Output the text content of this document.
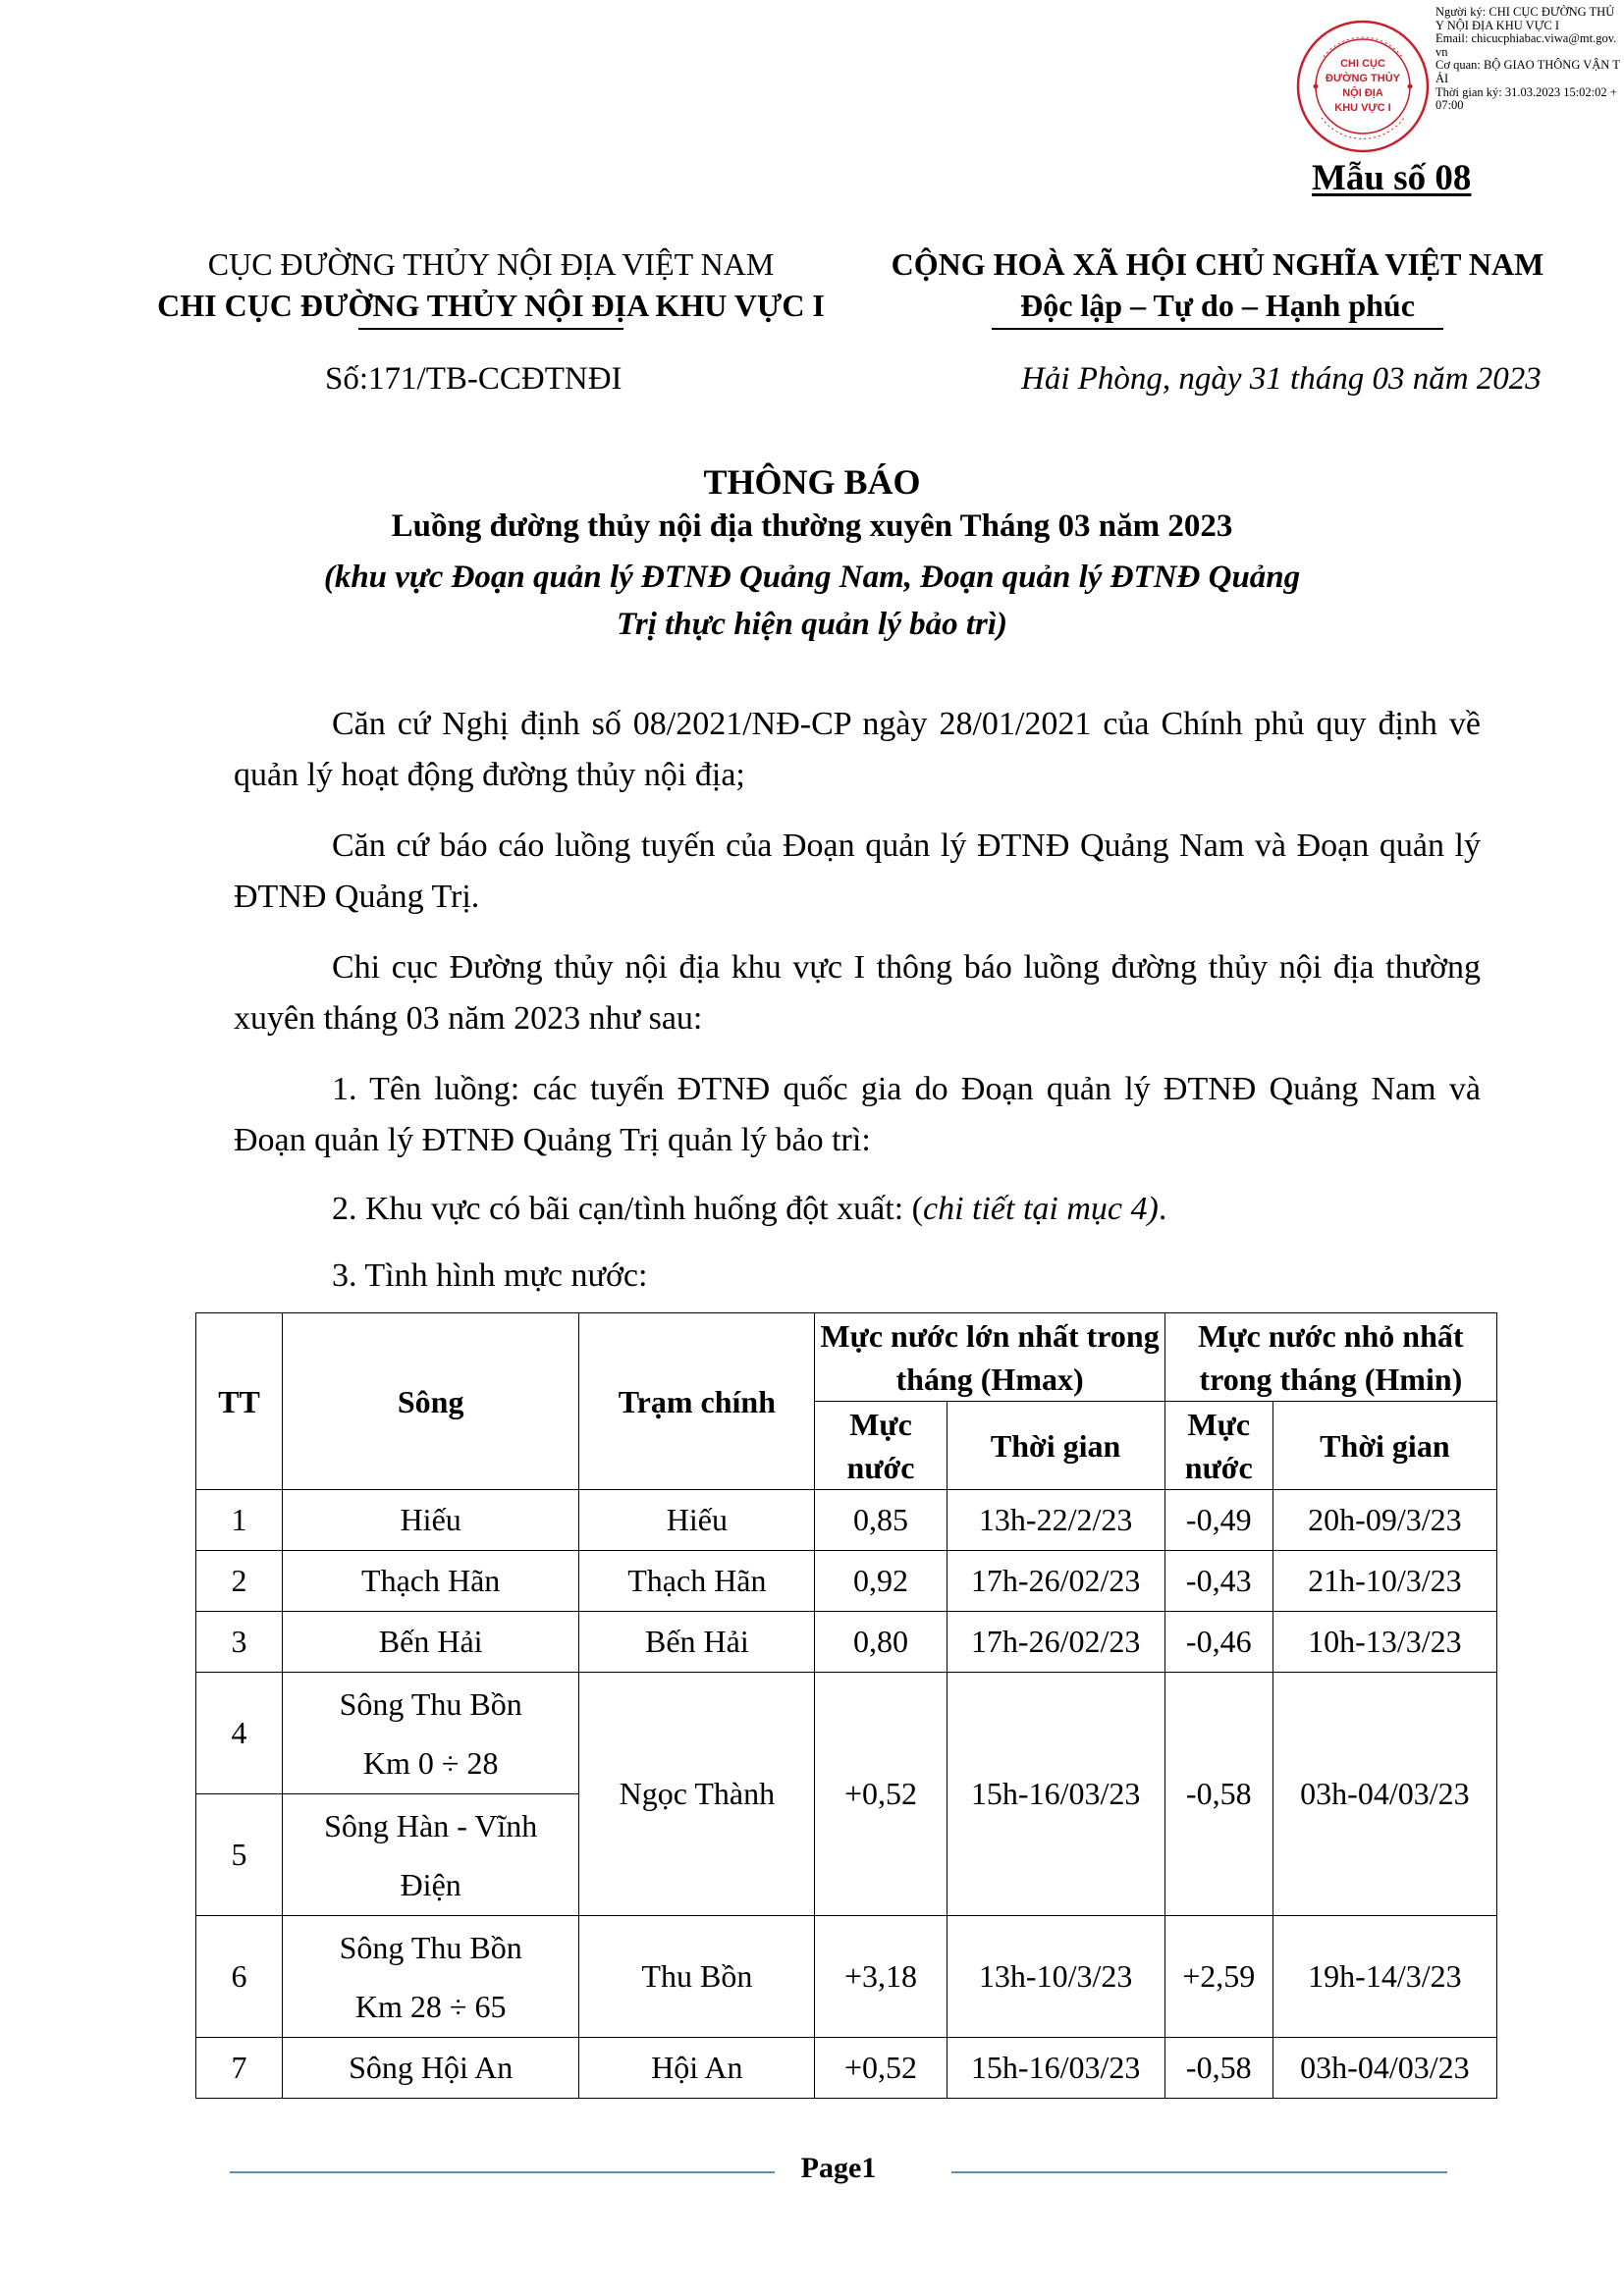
CHI CỤC
ĐƯỜNG THỦY
NỘI ĐỊA
KHU VỰC I
Người ký: CHI CỤC ĐƯỜNG THỦY NỘI ĐỊA KHU VỰC I
Email: chicucphiabac.viwa@mt.gov.vn
Cơ quan: BỘ GIAO THÔNG VẬN TẢI
Thời gian ký: 31.03.2023 15:02:02 +07:00
Mẫu số 08
CỤC ĐƯỜNG THỦY NỘI ĐỊA VIỆT NAM
CHI CỤC ĐƯỜNG THỦY NỘI ĐỊA KHU VỰC I
CỘNG HOÀ XÃ HỘI CHỦ NGHĨA VIỆT NAM
Độc lập – Tự do – Hạnh phúc
Số:171/TB-CCĐTNĐI	Hải Phòng, ngày 31 tháng 03 năm 2023
THÔNG BÁO
Luồng đường thủy nội địa thường xuyên Tháng 03 năm 2023
(khu vực Đoạn quản lý ĐTNĐ Quảng Nam, Đoạn quản lý ĐTNĐ Quảng
Trị thực hiện quản lý bảo trì)

Căn cứ Nghị định số 08/2021/NĐ-CP ngày 28/01/2021 của Chính phủ quy định về quản lý hoạt động đường thủy nội địa;

Căn cứ báo cáo luồng tuyến của Đoạn quản lý ĐTNĐ Quảng Nam và Đoạn quản lý ĐTNĐ Quảng Trị.

Chi cục Đường thủy nội địa khu vực I thông báo luồng đường thủy nội địa thường xuyên tháng 03 năm 2023 như sau:

1. Tên luồng: các tuyến ĐTNĐ quốc gia do Đoạn quản lý ĐTNĐ Quảng Nam và Đoạn quản lý ĐTNĐ Quảng Trị quản lý bảo trì:

2. Khu vực có bãi cạn/tình huống đột xuất: (chi tiết tại mục 4).

3. Tình hình mực nước:

TT	Sông	Trạm chính	Mực nước lớn nhất trong tháng (Hmax)		Mực nước nhỏ nhất trong tháng (Hmin)	
			Mực nước	Thời gian	Mực nước	Thời gian
1	Hiếu	Hiếu	0,85	13h-22/2/23	-0,49	20h-09/3/23
2	Thạch Hãn	Thạch Hãn	0,92	17h-26/02/23	-0,43	21h-10/3/23
3	Bến Hải	Bến Hải	0,80	17h-26/02/23	-0,46	10h-13/3/23
4	Sông Thu Bồn
Km 0 ÷ 28	Ngọc Thành	+0,52	15h-16/03/23	-0,58	03h-04/03/23
5	Sông Hàn - Vĩnh
Điện					

6	Sông Thu Bồn
Km 28 ÷ 65	Thu Bồn	+3,18	13h-10/3/23	+2,59	19h-14/3/23
7	Sông Hội An	Hội An	+0,52	15h-16/03/23	-0,58	03h-04/03/23
Page1
